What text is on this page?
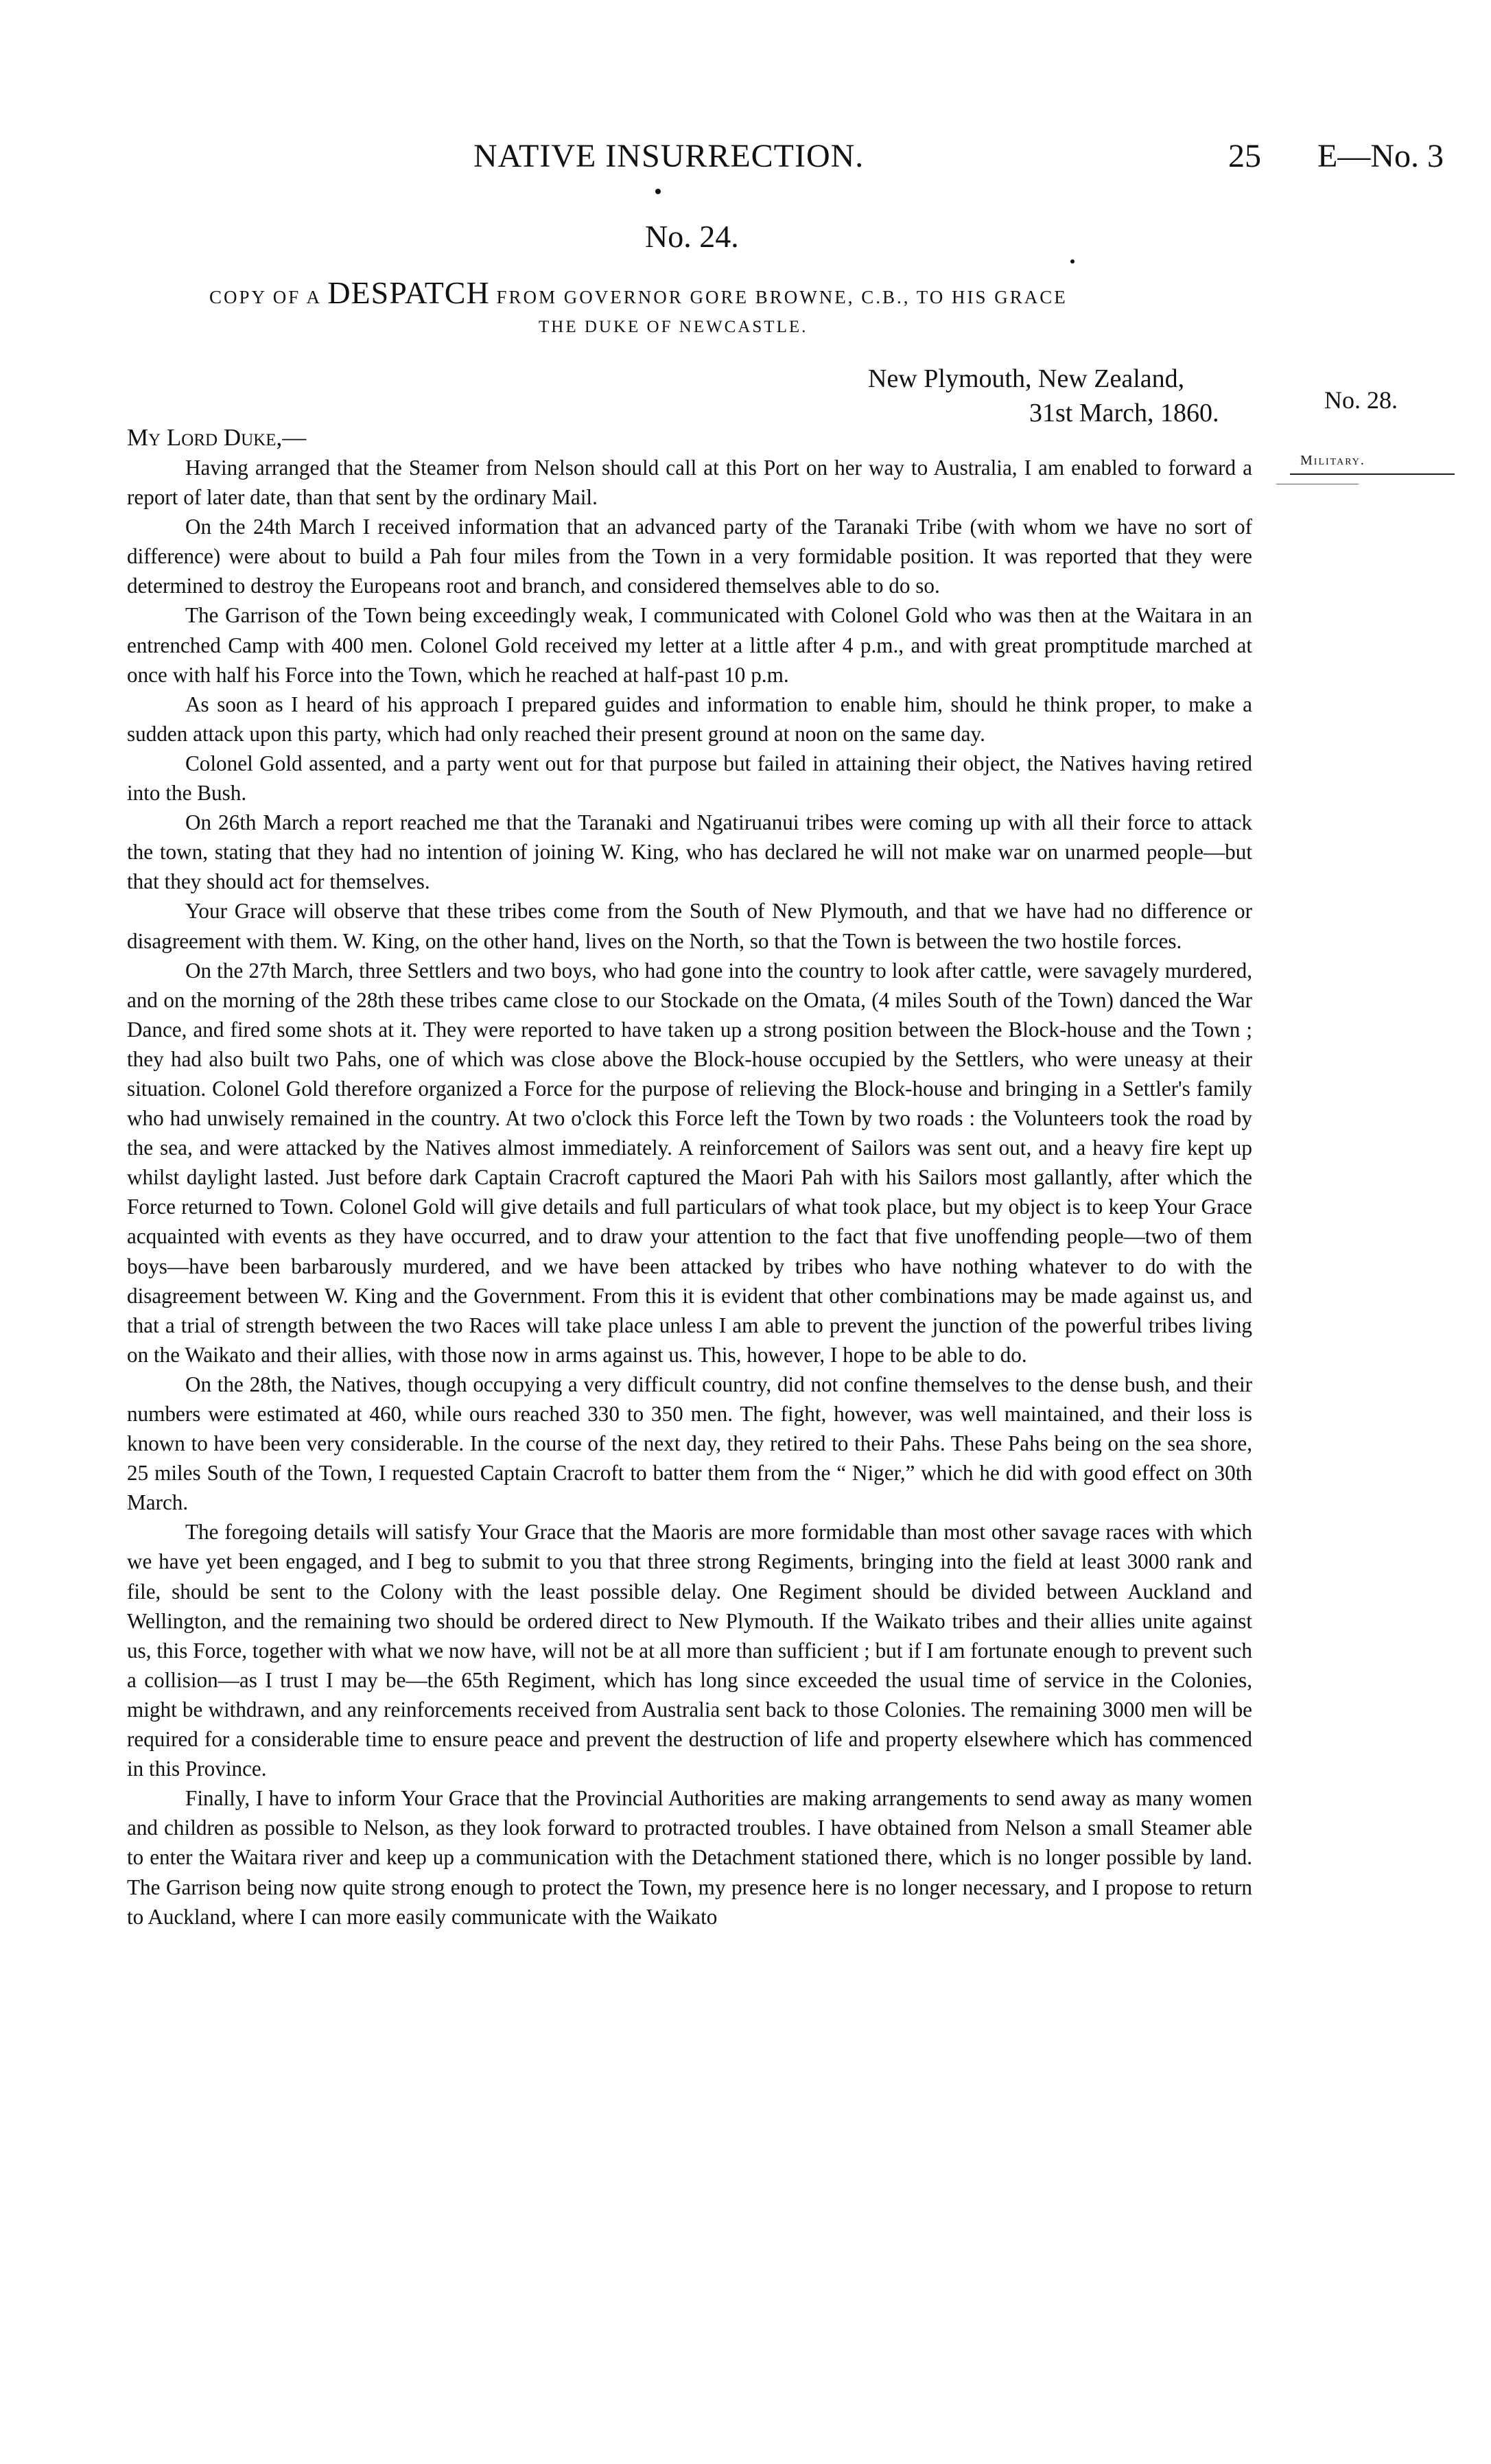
NATIVE INSURRECTION.	25 E—No. 3
No. 24.
COPY OF A DESPATCH FROM GOVERNOR GORE BROWNE, C.B., TO HIS GRACE
THE DUKE OF NEWCASTLE.
New Plymouth, New Zealand,
31st March, 1860.	No. 28.
Military.
My Lord Duke,—

Having arranged that the Steamer from Nelson should call at this Port on her way to Australia, I am enabled to forward a report of later date, than that sent by the ordinary Mail.

On the 24th March I received information that an advanced party of the Taranaki Tribe (with whom we have no sort of difference) were about to build a Pah four miles from the Town in a very formidable position. It was reported that they were determined to destroy the Europeans root and branch, and considered themselves able to do so.

The Garrison of the Town being exceedingly weak, I communicated with Colonel Gold who was then at the Waitara in an entrenched Camp with 400 men. Colonel Gold received my letter at a little after 4 p.m., and with great promptitude marched at once with half his Force into the Town, which he reached at half-past 10 p.m.

As soon as I heard of his approach I prepared guides and information to enable him, should he think proper, to make a sudden attack upon this party, which had only reached their present ground at noon on the same day.

Colonel Gold assented, and a party went out for that purpose but failed in attaining their object, the Natives having retired into the Bush.

On 26th March a report reached me that the Taranaki and Ngatiruanui tribes were coming up with all their force to attack the town, stating that they had no intention of joining W. King, who has declared he will not make war on unarmed people—but that they should act for themselves.

Your Grace will observe that these tribes come from the South of New Plymouth, and that we have had no difference or disagreement with them. W. King, on the other hand, lives on the North, so that the Town is between the two hostile forces.

On the 27th March, three Settlers and two boys, who had gone into the country to look after cattle, were savagely murdered, and on the morning of the 28th these tribes came close to our Stockade on the Omata, (4 miles South of the Town) danced the War Dance, and fired some shots at it. They were reported to have taken up a strong position between the Block-house and the Town ; they had also built two Pahs, one of which was close above the Block-house occupied by the Settlers, who were uneasy at their situation. Colonel Gold therefore organized a Force for the purpose of relieving the Block-house and bringing in a Settler's family who had unwisely remained in the country. At two o'clock this Force left the Town by two roads : the Volunteers took the road by the sea, and were attacked by the Natives almost immediately. A reinforcement of Sailors was sent out, and a heavy fire kept up whilst daylight lasted. Just before dark Captain Cracroft captured the Maori Pah with his Sailors most gallantly, after which the Force returned to Town. Colonel Gold will give details and full particulars of what took place, but my object is to keep Your Grace acquainted with events as they have occurred, and to draw your attention to the fact that five unoffending people—two of them boys—have been barbarously murdered, and we have been attacked by tribes who have nothing whatever to do with the disagreement between W. King and the Government. From this it is evident that other combinations may be made against us, and that a trial of strength between the two Races will take place unless I am able to prevent the junction of the powerful tribes living on the Waikato and their allies, with those now in arms against us. This, however, I hope to be able to do.

On the 28th, the Natives, though occupying a very difficult country, did not confine themselves to the dense bush, and their numbers were estimated at 460, while ours reached 330 to 350 men. The fight, however, was well maintained, and their loss is known to have been very considerable. In the course of the next day, they retired to their Pahs. These Pahs being on the sea shore, 25 miles South of the Town, I requested Captain Cracroft to batter them from the “ Niger,” which he did with good effect on 30th March.

The foregoing details will satisfy Your Grace that the Maoris are more formidable than most other savage races with which we have yet been engaged, and I beg to submit to you that three strong Regiments, bringing into the field at least 3000 rank and file, should be sent to the Colony with the least possible delay. One Regiment should be divided between Auckland and Wellington, and the remaining two should be ordered direct to New Plymouth. If the Waikato tribes and their allies unite against us, this Force, together with what we now have, will not be at all more than sufficient ; but if I am fortunate enough to prevent such a collision—as I trust I may be—the 65th Regiment, which has long since exceeded the usual time of service in the Colonies, might be withdrawn, and any reinforcements received from Australia sent back to those Colonies. The remaining 3000 men will be required for a considerable time to ensure peace and prevent the destruction of life and property elsewhere which has commenced in this Province.

Finally, I have to inform Your Grace that the Provincial Authorities are making arrangements to send away as many women and children as possible to Nelson, as they look forward to protracted troubles. I have obtained from Nelson a small Steamer able to enter the Waitara river and keep up a communication with the Detachment stationed there, which is no longer possible by land. The Garrison being now quite strong enough to protect the Town, my presence here is no longer necessary, and I propose to return to Auckland, where I can more easily communicate with the Waikato
